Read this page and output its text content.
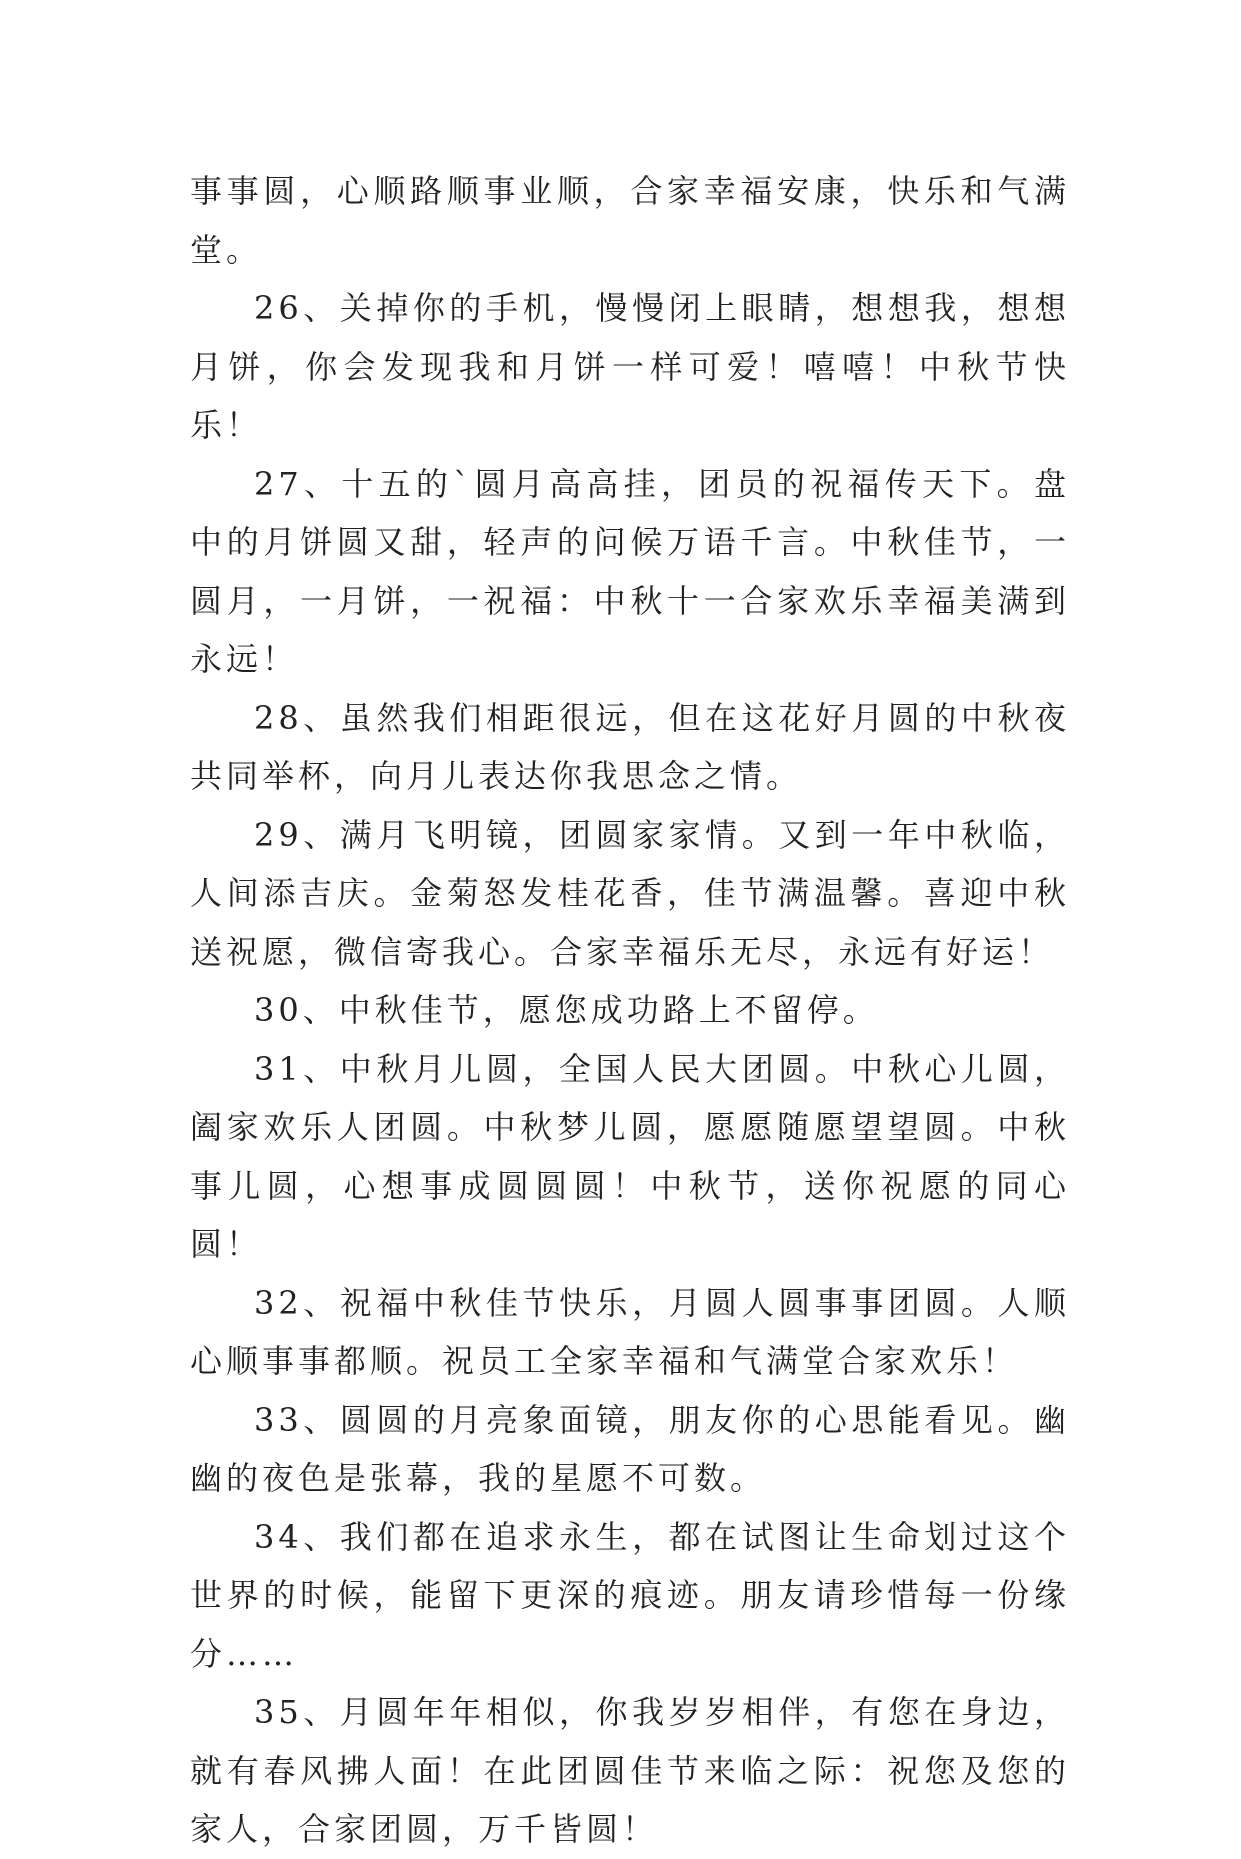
事事圆，心顺路顺事业顺，合家幸福安康，快乐和气满堂。

26、关掉你的手机，慢慢闭上眼睛，想想我，想想月饼，你会发现我和月饼一样可爱！嘻嘻！中秋节快乐！

27、十五的`圆月高高挂，团员的祝福传天下。盘中的月饼圆又甜，轻声的问候万语千言。中秋佳节，一圆月，一月饼，一祝福：中秋十一合家欢乐幸福美满到永远！

28、虽然我们相距很远，但在这花好月圆的中秋夜共同举杯，向月儿表达你我思念之情。

29、满月飞明镜，团圆家家情。又到一年中秋临，人间添吉庆。金菊怒发桂花香，佳节满温馨。喜迎中秋送祝愿，微信寄我心。合家幸福乐无尽，永远有好运！

30、中秋佳节，愿您成功路上不留停。

31、中秋月儿圆，全国人民大团圆。中秋心儿圆，阖家欢乐人团圆。中秋梦儿圆，愿愿随愿望望圆。中秋事儿圆，心想事成圆圆圆！中秋节，送你祝愿的同心圆！

32、祝福中秋佳节快乐，月圆人圆事事团圆。人顺心顺事事都顺。祝员工全家幸福和气满堂合家欢乐！

33、圆圆的月亮象面镜，朋友你的心思能看见。幽幽的夜色是张幕，我的星愿不可数。

34、我们都在追求永生，都在试图让生命划过这个世界的时候，能留下更深的痕迹。朋友请珍惜每一份缘分……

35、月圆年年相似，你我岁岁相伴，有您在身边，就有春风拂人面！在此团圆佳节来临之际：祝您及您的家人，合家团圆，万千皆圆！
